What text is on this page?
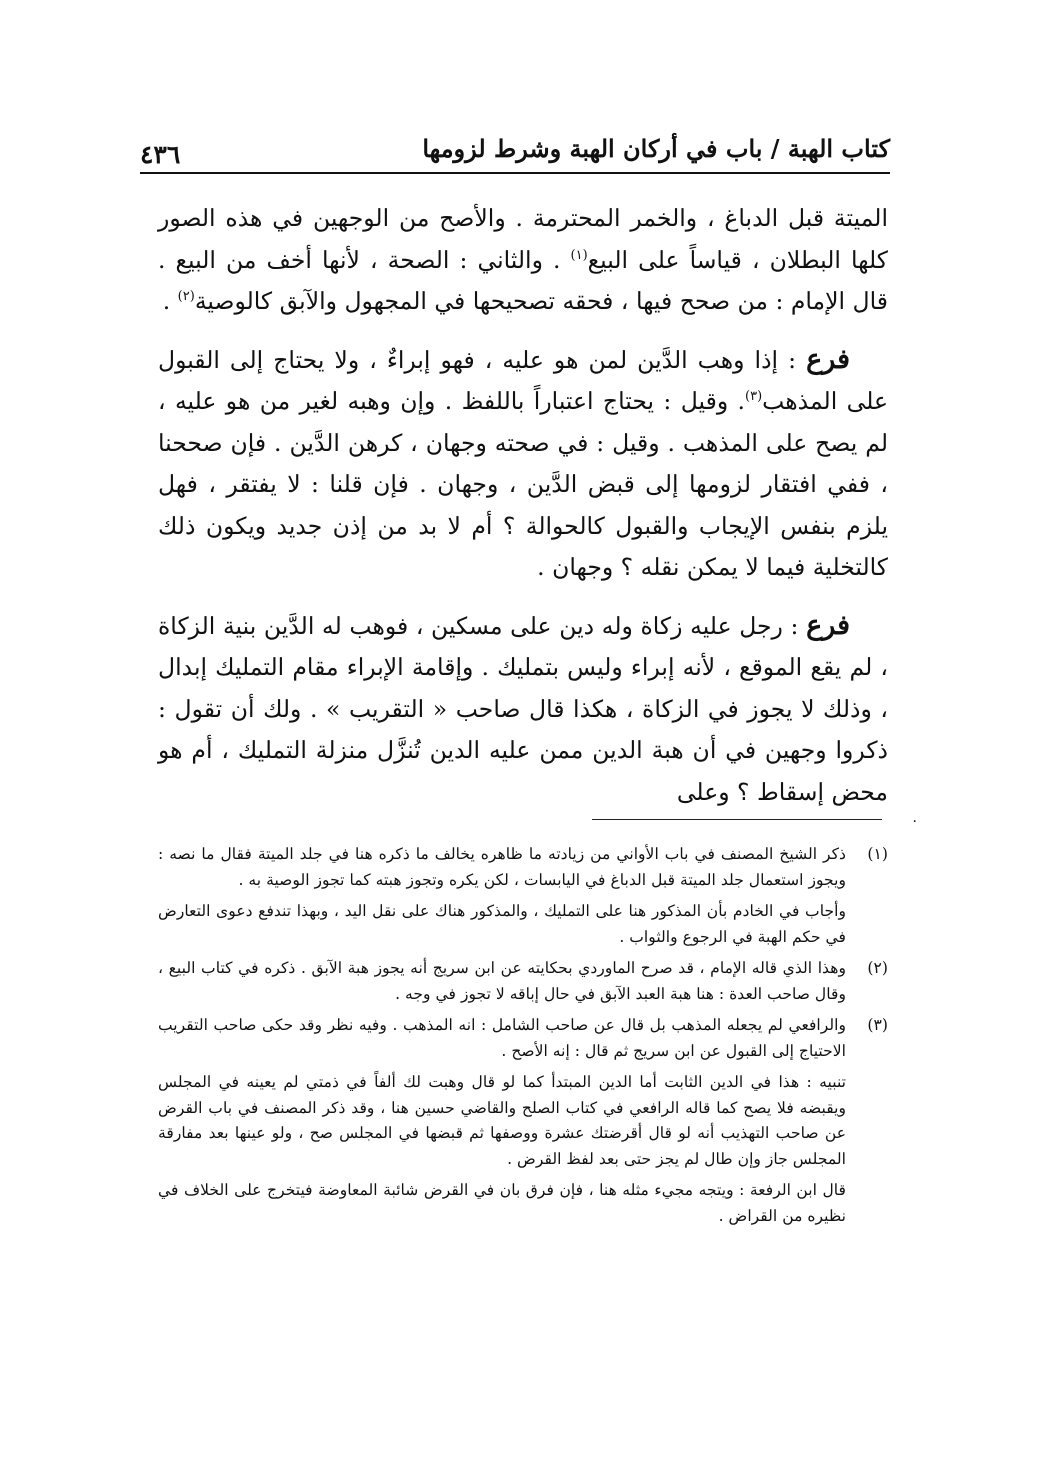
كتاب الهبة / باب في أركان الهبة وشرط لزومها
٤٣٦

الميتة قبل الدباغ ، والخمر المحترمة . والأصح من الوجهين في هذه الصور كلها البطلان ، قياساً على البيع$^{(١)}$ . والثاني : الصحة ، لأنها أخف من البيع . قال الإمام : من صحح فيها ، فحقه تصحيحها في المجهول والآبق كالوصية$^{(٢)}$ .

فرع : إذا وهب الدَّين لمن هو عليه ، فهو إبراءٌ ، ولا يحتاج إلى القبول على المذهب$^{(٣)}$. وقيل : يحتاج اعتباراً باللفظ . وإن وهبه لغير من هو عليه ، لم يصح على المذهب . وقيل : في صحته وجهان ، كرهن الدَّين . فإن صححنا ، ففي افتقار لزومها إلى قبض الدَّين ، وجهان . فإن قلنا : لا يفتقر ، فهل يلزم بنفس الإيجاب والقبول كالحوالة ؟ أم لا بد من إذن جديد ويكون ذلك كالتخلية فيما لا يمكن نقله ؟ وجهان .

فرع : رجل عليه زكاة وله دين على مسكين ، فوهب له الدَّين بنية الزكاة ، لم يقع الموقع ، لأنه إبراء وليس بتمليك . وإقامة الإبراء مقام التمليك إبدال ، وذلك لا يجوز في الزكاة ، هكذا قال صاحب « التقريب » . ولك أن تقول : ذكروا وجهين في أن هبة الدين ممن عليه الدين تُنزَّل منزلة التمليك ، أم هو محض إسقاط ؟ وعلى

·
(١)

ذكر الشيخ المصنف في باب الأواني من زيادته ما ظاهره يخالف ما ذكره هنا في جلد الميتة فقال ما نصه : ويجوز استعمال جلد الميتة قبل الدباغ في اليابسات ، لكن يكره وتجوز هبته كما تجوز الوصية به .

وأجاب في الخادم بأن المذكور هنا على التمليك ، والمذكور هناك على نقل اليد ، وبهذا تندفع دعوى التعارض في حكم الهبة في الرجوع والثواب .

(٢)

وهذا الذي قاله الإمام ، قد صرح الماوردي بحكايته عن ابن سريج أنه يجوز هبة الآبق . ذكره في كتاب البيع ، وقال صاحب العدة : هنا هبة العبد الآبق في حال إباقه لا تجوز في وجه .

(٣)

والرافعي لم يجعله المذهب بل قال عن صاحب الشامل : انه المذهب . وفيه نظر وقد حكى صاحب التقريب الاحتياج إلى القبول عن ابن سريج ثم قال : إنه الأصح .

تنبيه : هذا في الدين الثابت أما الدين المبتدأ كما لو قال وهبت لك ألفاً في ذمتي لم يعينه في المجلس ويقبضه فلا يصح كما قاله الرافعي في كتاب الصلح والقاضي حسين هنا ، وقد ذكر المصنف في باب القرض عن صاحب التهذيب أنه لو قال أقرضتك عشرة ووصفها ثم قبضها في المجلس صح ، ولو عينها بعد مفارقة المجلس جاز وإن طال لم يجز حتى بعد لفظ القرض .

قال ابن الرفعة : ويتجه مجيء مثله هنا ، فإن فرق بان في القرض شائبة المعاوضة فيتخرج على الخلاف في نظيره من القراض .
